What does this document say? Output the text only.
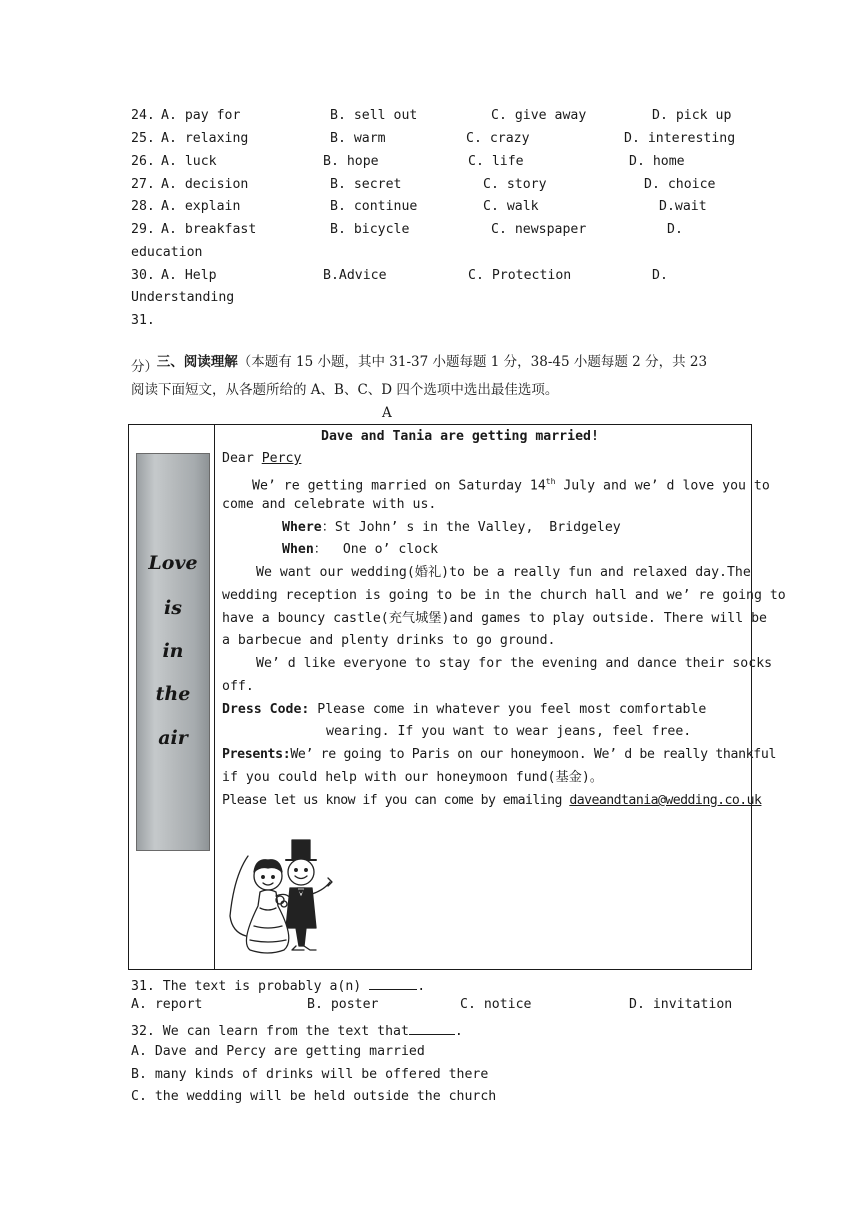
24. A. pay for	B. sell out	C. give away	D. pick up
25. A. relaxing	B. warm	C. crazy	D. interesting
26. A. luck	B. hope	C. life	D. home
27. A. decision	B. secret	C. story	D. choice
28. A. explain	B. continue	C. walk	D.wait
29. A. breakfast	B. bicycle	C. newspaper	D.
education
30. A. Help	B.Advice	C. Protection	D.
Understanding
31.

三、阅读理解（本题有 15 小题，其中 31-37 小题每题 1 分，38-45 小题每题 2 分，共 23

分）
阅读下面短文，从各题所给的 A、B、C、D 四个选项中选出最佳选项。
A
Love
is
in
the
air
Dave and Tania are getting married!
Dear Percy
We’ re getting married on Saturday 14th July and we’ d love you to
come and celebrate with us.
Where：St John’ s in the Valley,  Bridgeley
When：  One o’ clock
We want our wedding(婚礼)to be a really fun and relaxed day.The
wedding reception is going to be in the church hall and we’ re going to
have a bouncy castle(充气城堡)and games to play outside. There will be
a barbecue and plenty drinks to go ground.
We’ d like everyone to stay for the evening and dance their socks
off.
Dress Code: Please come in whatever you feel most comfortable
wearing. If you want to wear jeans, feel free.
Presents:We’ re going to Paris on our honeymoon. We’ d be really thankful
if you could help with our honeymoon fund(基金)。
Please let us know if you can come by emailing daveandtania@wedding.co.uk
31. The text is probably a(n)	.
A. report	B. poster	C. notice	D. invitation
32. We can learn from the text that	.
A. Dave and Percy are getting married
B. many kinds of drinks will be offered there
C. the wedding will be held outside the church
